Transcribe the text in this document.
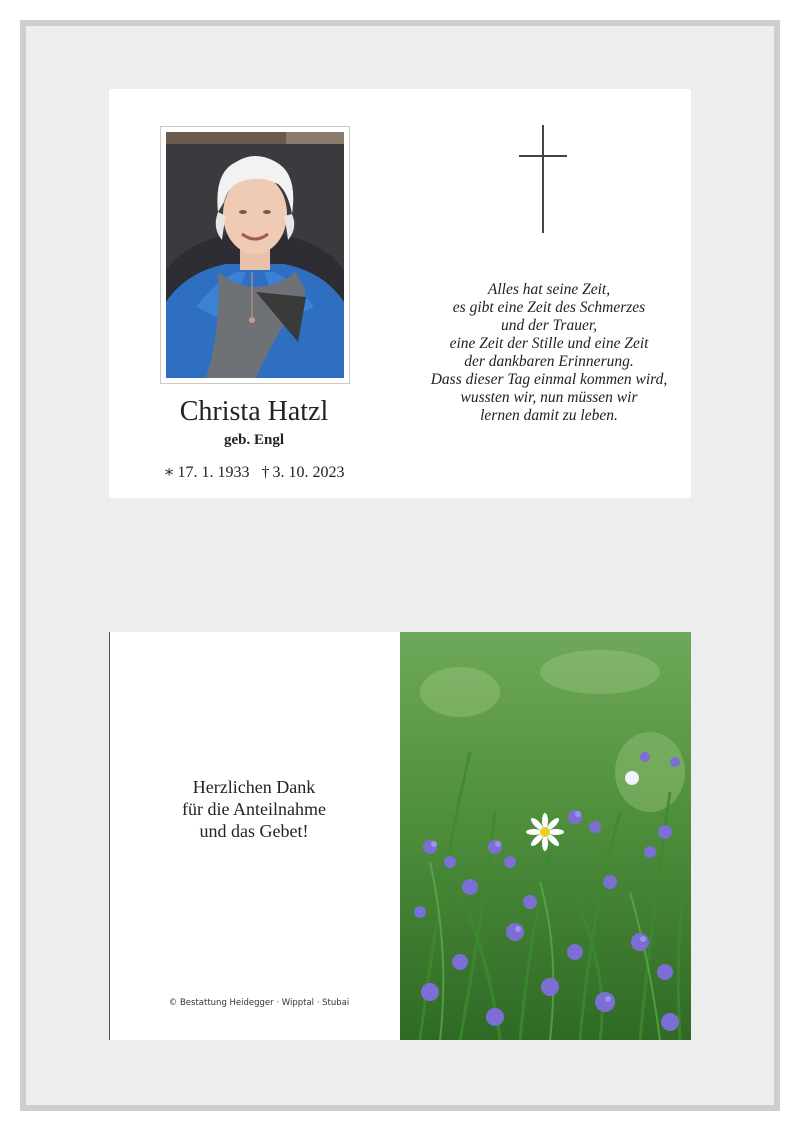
Christa Hatzl
geb. Engl
∗ 17. 1. 1933 † 3. 10. 2023
Alles hat seine Zeit,
es gibt eine Zeit des Schmerzes
und der Trauer,
eine Zeit der Stille und eine Zeit
der dankbaren Erinnerung.
Dass dieser Tag einmal kommen wird,
wussten wir, nun müssen wir
lernen damit zu leben.
Herzlichen Dank
für die Anteilnahme
und das Gebet!
© Bestattung Heidegger · Wipptal · Stubai
